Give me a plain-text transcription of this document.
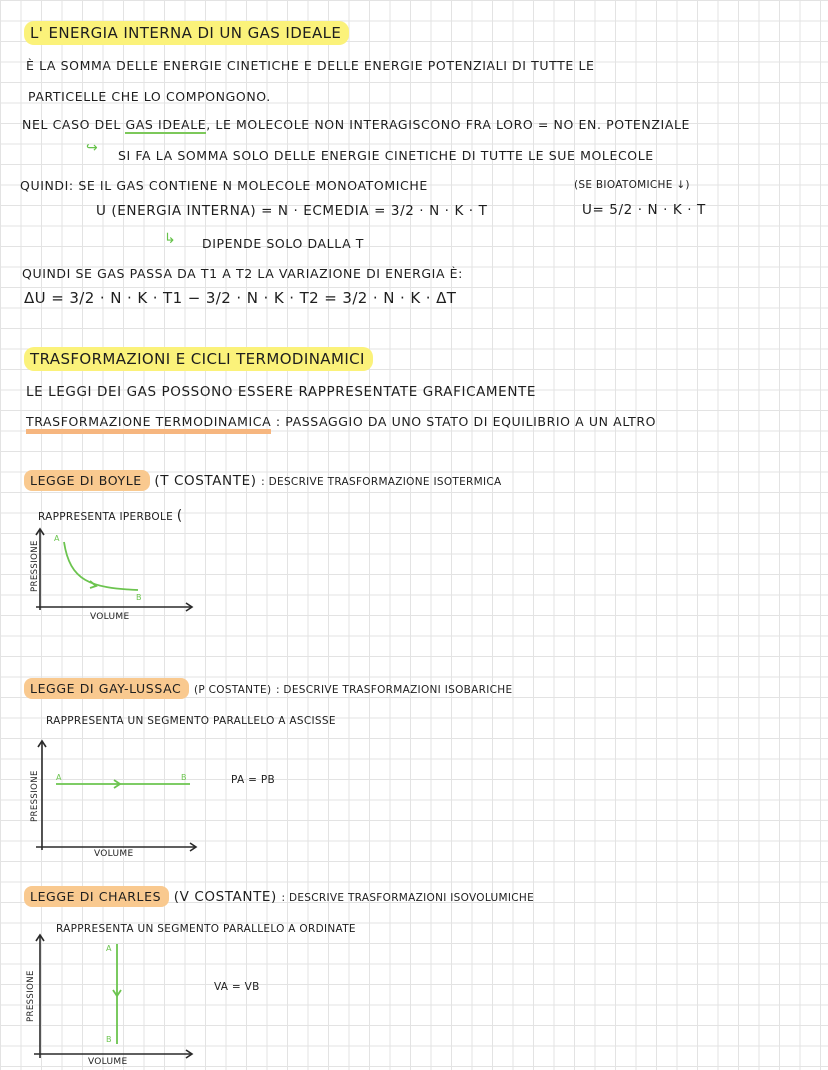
L' ENERGIA INTERNA DI UN GAS IDEALE
È LA SOMMA DELLE ENERGIE CINETICHE E DELLE ENERGIE POTENZIALI DI TUTTE LE
PARTICELLE CHE LO COMPONGONO.
NEL CASO DEL GAS IDEALE, LE MOLECOLE NON INTERAGISCONO FRA LORO = NO EN. POTENZIALE
↪ SI FA LA SOMMA SOLO DELLE ENERGIE CINETICHE DI TUTTE LE SUE MOLECOLE
QUINDI: SE IL GAS CONTIENE N MOLECOLE MONOATOMICHE	(SE BIOATOMICHE ↓)
U (ENERGIA INTERNA) = N · ECMEDIA = 3/2 · N · K · T	U= 5/2 · N · K · T
↳ DIPENDE SOLO DALLA T
QUINDI SE GAS PASSA DA T1 A T2 LA VARIAZIONE DI ENERGIA È:
ΔU = 3/2 · N · K · T1 − 3/2 · N · K · T2 = 3/2 · N · K · ΔT
TRASFORMAZIONI E CICLI TERMODINAMICI
LE LEGGI DEI GAS POSSONO ESSERE RAPPRESENTATE GRAFICAMENTE
TRASFORMAZIONE TERMODINAMICA : PASSAGGIO DA UNO STATO DI EQUILIBRIO A UN ALTRO
LEGGE DI BOYLE (T COSTANTE) : DESCRIVE TRASFORMAZIONE ISOTERMICA
RAPPRESENTA IPERBOLE (
A
B
PRESSIONE
VOLUME
LEGGE DI GAY-LUSSAC (P COSTANTE) : DESCRIVE TRASFORMAZIONI ISOBARICHE
RAPPRESENTA UN SEGMENTO PARALLELO A ASCISSE
A	B
PRESSIONE
VOLUME
PA = PB
LEGGE DI CHARLES (V COSTANTE) : DESCRIVE TRASFORMAZIONI ISOVOLUMICHE
RAPPRESENTA UN SEGMENTO PARALLELO A ORDINATE
A
B
PRESSIONE
VOLUME
VA = VB
